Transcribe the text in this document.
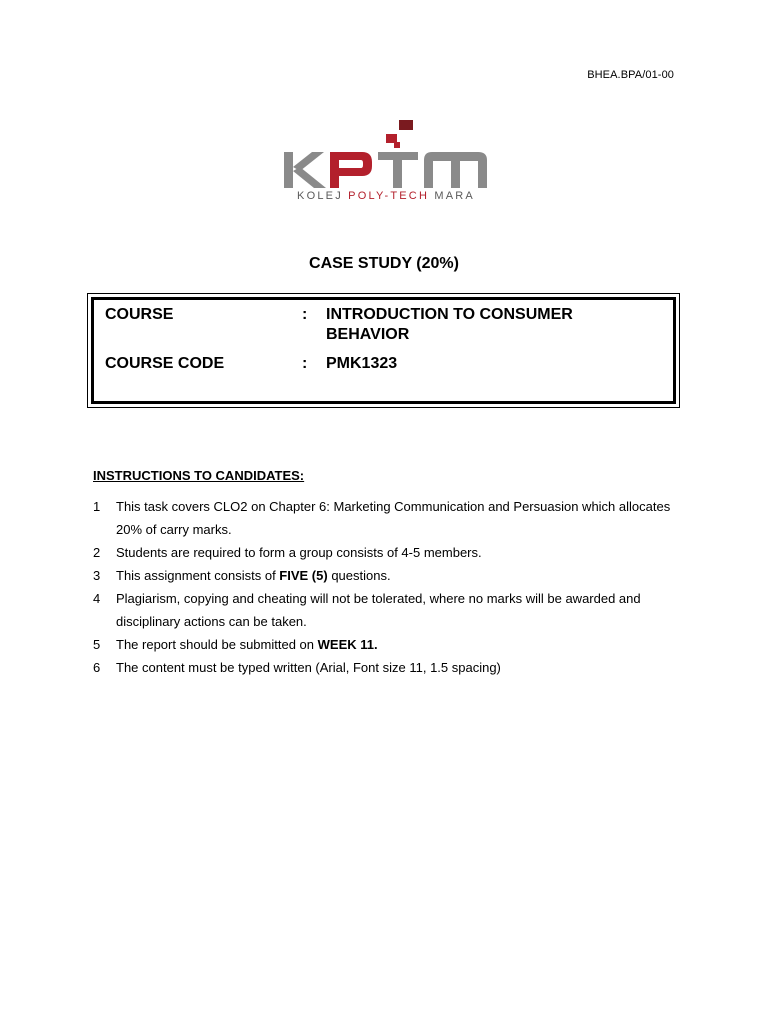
BHEA.BPA/01-00
KOLEJ POLY-TECH MARA
CASE STUDY (20%)
COURSE	: INTRODUCTION TO CONSUMER BEHAVIOR
COURSE CODE	: PMK1323
INSTRUCTIONS TO CANDIDATES:
1 This task covers CLO2 on Chapter 6: Marketing Communication and Persuasion which allocates 20% of carry marks.
2 Students are required to form a group consists of 4-5 members.
3 This assignment consists of FIVE (5) questions.
4 Plagiarism, copying and cheating will not be tolerated, where no marks will be awarded and disciplinary actions can be taken.
5 The report should be submitted on WEEK 11.
6 The content must be typed written (Arial, Font size 11, 1.5 spacing)
